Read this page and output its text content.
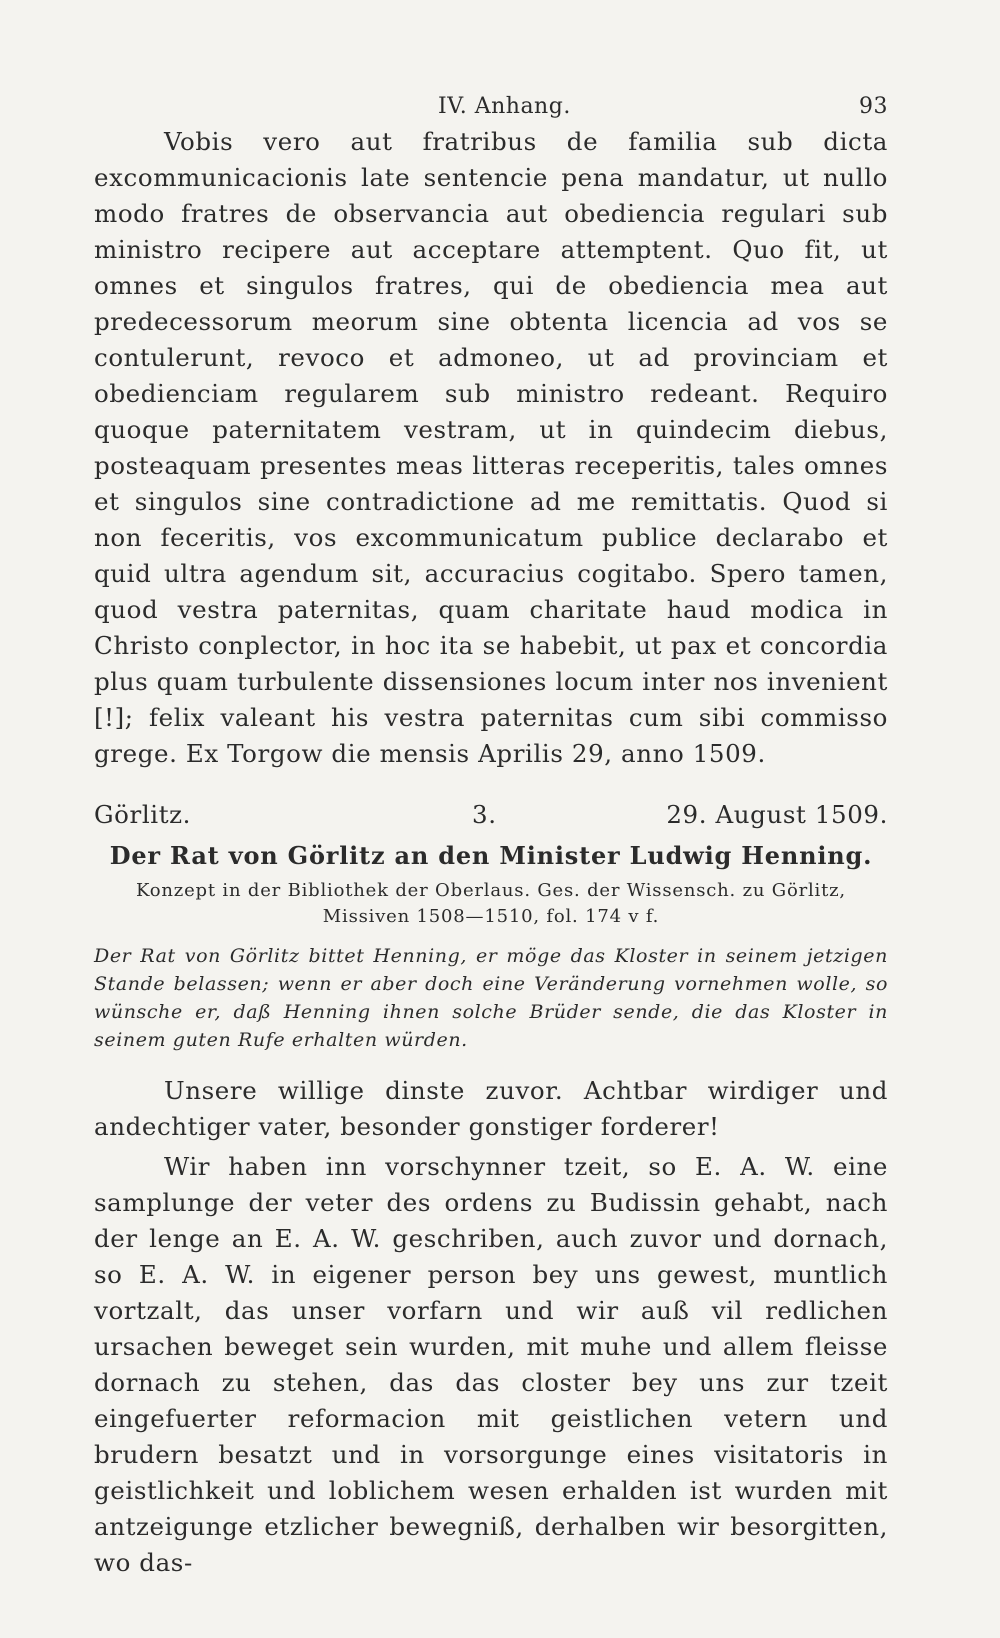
IV. Anhang.	93

Vobis vero aut fratribus de familia sub dicta excommunicacionis late sentencie pena mandatur, ut nullo modo fratres de observancia aut obediencia regulari sub ministro recipere aut acceptare attemptent. Quo fit, ut omnes et singulos fratres, qui de obediencia mea aut predecessorum meorum sine obtenta licencia ad vos se contulerunt, revoco et admoneo, ut ad provinciam et obedienciam regularem sub ministro redeant. Requiro quoque paternitatem vestram, ut in quindecim diebus, posteaquam presentes meas litteras receperitis, tales omnes et singulos sine contradictione ad me remittatis. Quod si non feceritis, vos excommunicatum publice declarabo et quid ultra agendum sit, accuracius cogitabo. Spero tamen, quod vestra paternitas, quam charitate haud modica in Christo conplector, in hoc ita se habebit, ut pax et concordia plus quam turbulente dissensiones locum inter nos invenient [!]; felix valeant his vestra paternitas cum sibi commisso grege. Ex Torgow die mensis Aprilis 29, anno 1509.

Görlitz.	3.	29. August 1509.
Der Rat von Görlitz an den Minister Ludwig Henning.
Konzept in der Bibliothek der Oberlaus. Ges. der Wissensch. zu Görlitz,
Missiven 1508—1510, fol. 174 v f.

Der Rat von Görlitz bittet Henning, er möge das Kloster in seinem jetzigen Stande belassen; wenn er aber doch eine Veränderung vornehmen wolle, so wünsche er, daß Henning ihnen solche Brüder sende, die das Kloster in seinem guten Rufe erhalten würden.

Unsere willige dinste zuvor. Achtbar wirdiger und andechtiger vater, besonder gonstiger forderer!

Wir haben inn vorschynner tzeit, so E. A. W. eine samplunge der veter des ordens zu Budissin gehabt, nach der lenge an E. A. W. geschriben, auch zuvor und dornach, so E. A. W. in eigener person bey uns gewest, muntlich vortzalt, das unser vorfarn und wir auß vil redlichen ursachen beweget sein wurden, mit muhe und allem fleisse dornach zu stehen, das das closter bey uns zur tzeit eingefuerter reformacion mit geistlichen vetern und brudern besatzt und in vorsorgunge eines visitatoris in geistlichkeit und loblichem wesen erhalden ist wurden mit antzeigunge etzlicher bewegniß, derhalben wir besorgitten, wo das-
